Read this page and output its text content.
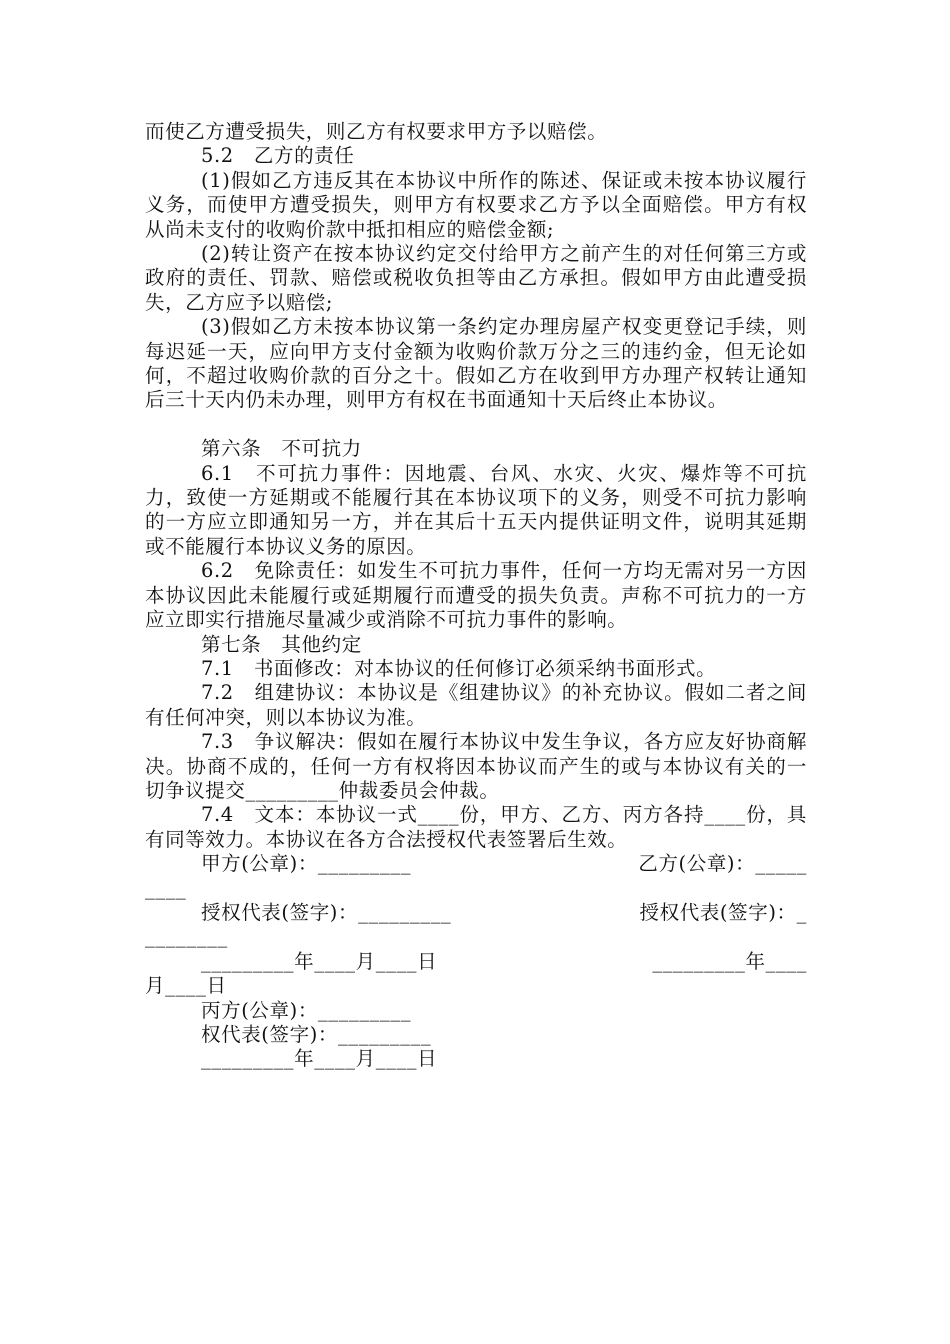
而使乙方遭受损失，则乙方有权要求甲方予以赔偿。

5.2　乙方的责任

(1)假如乙方违反其在本协议中所作的陈述、保证或未按本协议履行义务，而使甲方遭受损失，则甲方有权要求乙方予以全面赔偿。甲方有权从尚未支付的收购价款中抵扣相应的赔偿金额;

(2)转让资产在按本协议约定交付给甲方之前产生的对任何第三方或政府的责任、罚款、赔偿或税收负担等由乙方承担。假如甲方由此遭受损失，乙方应予以赔偿;

(3)假如乙方未按本协议第一条约定办理房屋产权变更登记手续，则每迟延一天，应向甲方支付金额为收购价款万分之三的违约金，但无论如何，不超过收购价款的百分之十。假如乙方在收到甲方办理产权转让通知后三十天内仍未办理，则甲方有权在书面通知十天后终止本协议。

第六条　不可抗力

6.1　不可抗力事件：因地震、台风、水灾、火灾、爆炸等不可抗力，致使一方延期或不能履行其在本协议项下的义务，则受不可抗力影响的一方应立即通知另一方，并在其后十五天内提供证明文件，说明其延期或不能履行本协议义务的原因。

6.2　免除责任：如发生不可抗力事件，任何一方均无需对另一方因本协议因此未能履行或延期履行而遭受的损失负责。声称不可抗力的一方应立即实行措施尽量减少或消除不可抗力事件的影响。

第七条　其他约定

7.1　书面修改：对本协议的任何修订必须采纳书面形式。

7.2　组建协议：本协议是《组建协议》的补充协议。假如二者之间有任何冲突，则以本协议为准。

7.3　争议解决：假如在履行本协议中发生争议，各方应友好协商解决。协商不成的，任何一方有权将因本协议而产生的或与本协议有关的一切争议提交_________仲裁委员会仲裁。

7.4　文本：本协议一式____份，甲方、乙方、丙方各持____份，具有同等效力。本协议在各方合法授权代表签署后生效。

甲方(公章)：_________	乙方(公章)：_____
____
授权代表(签字)：_________	授权代表(签字)：_
________
_________年____月____日	_________年____
月____日
丙方(公章)：_________
权代表(签字)：_________
_________年____月____日
